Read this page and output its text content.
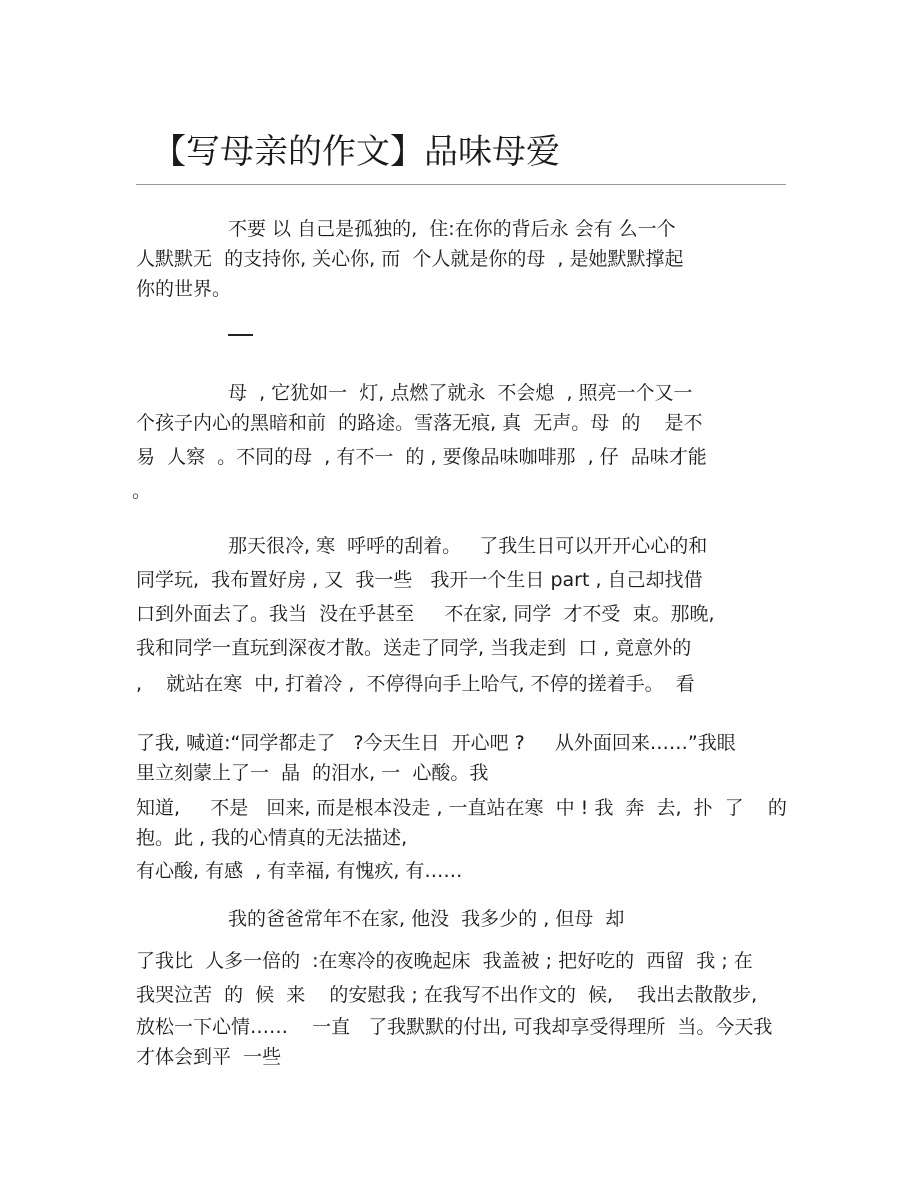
【写母亲的作文】品味母爱

不要 以 自己是孤独的,  住:在你的背后永 会有 么一个

人默默无  的支持你, 关心你, 而  个人就是你的母  , 是她默默撑起

你的世界。

母  , 它犹如一  灯, 点燃了就永  不会熄  , 照亮一个又一

个孩子内心的黑暗和前  的路途。雪落无痕, 真  无声。母  的    是不

易  人察  。不同的母  , 有不一  的 , 要像品味咖啡那  , 仔  品味才能

。

那天很冷, 寒  呼呼的刮着。   了我生日可以开开心心的和

同学玩,  我布置好房 , 又  我一些   我开一个生日 part , 自己却找借

口到外面去了。我当  没在乎甚至     不在家, 同学  才不受  束。那晚,

我和同学一直玩到深夜才散。送走了同学, 当我走到  口 , 竟意外的

,    就站在寒  中, 打着冷 ,  不停得向手上哈气, 不停的搓着手。  看

了我, 喊道:“同学都走了   ?今天生日  开心吧 ?     从外面回来……”我眼

里立刻蒙上了一  晶  的泪水, 一  心酸。我

知道,     不是   回来, 而是根本没走 , 一直站在寒  中 ! 我  奔  去,  扑  了    的

抱。此 , 我的心情真的无法描述,

有心酸, 有感  , 有幸福, 有愧疚, 有……

我的爸爸常年不在家, 他没  我多少的 , 但母  却

了我比  人多一倍的  :在寒冷的夜晚起床  我盖被 ; 把好吃的  西留  我 ; 在

我哭泣苦  的  候  来    的安慰我 ; 在我写不出作文的  候,    我出去散散步,

放松一下心情……    一直   了我默默的付出, 可我却享受得理所  当。今天我

才体会到平  一些
